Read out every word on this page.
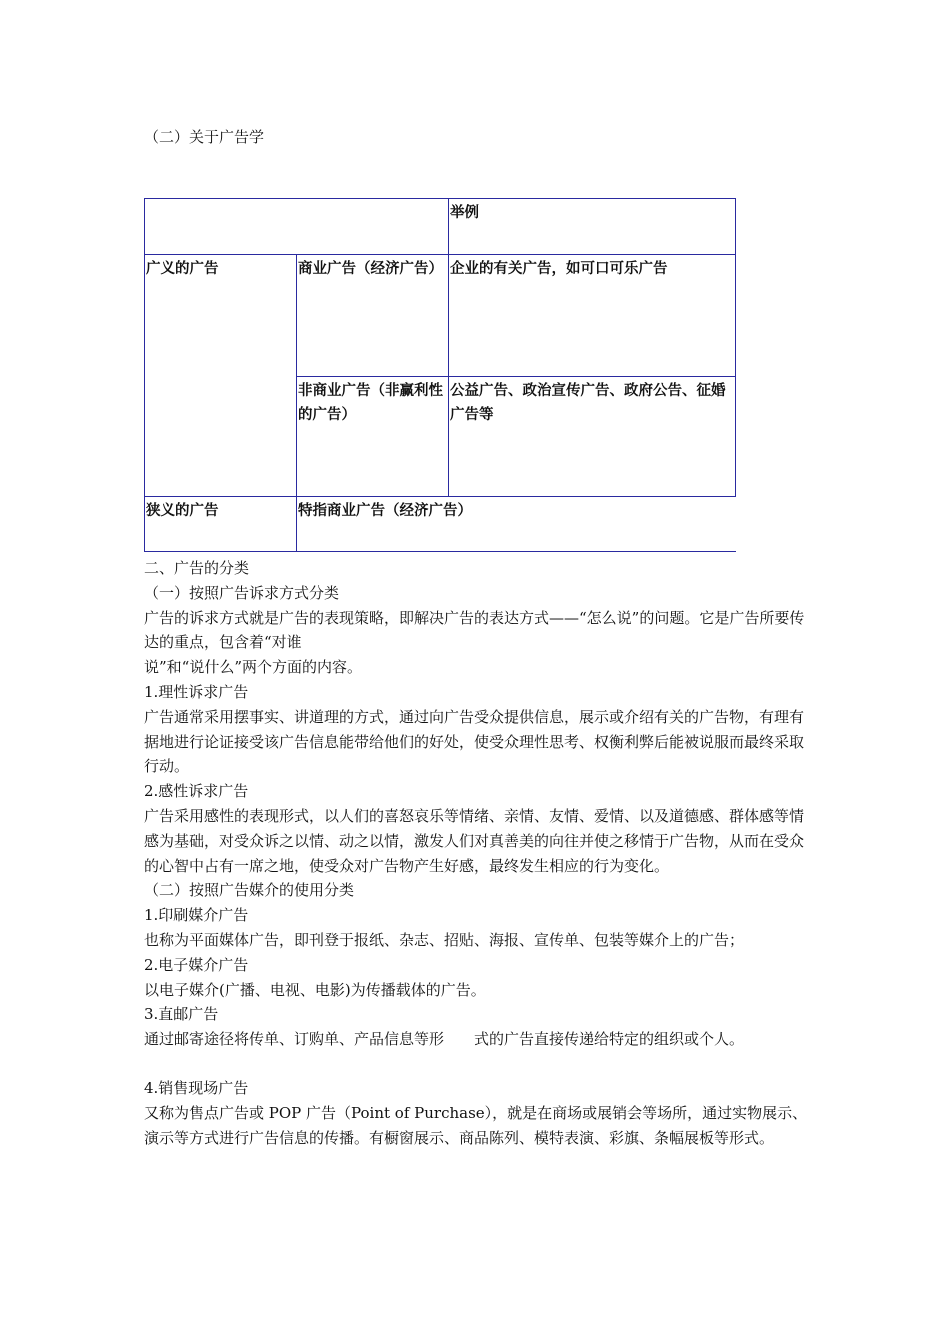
（二）关于广告学
		举例
广义的广告	商业广告（经济广告）	企业的有关广告，如可口可乐广告
	非商业广告（非赢利性的广告）	公益广告、政治宣传广告、政府公告、征婚广告等
狭义的广告	特指商业广告（经济广告）	

二、广告的分类

（一）按照广告诉求方式分类

广告的诉求方式就是广告的表现策略，即解决广告的表达方式——“怎么说”的问题。它是广告所要传达的重点，包含着“对谁

说”和“说什么”两个方面的内容。

1.理性诉求广告

广告通常采用摆事实、讲道理的方式，通过向广告受众提供信息，展示或介绍有关的广告物，有理有据地进行论证接受该广告信息能带给他们的好处，使受众理性思考、权衡利弊后能被说服而最终采取行动。

2.感性诉求广告

广告采用感性的表现形式，以人们的喜怒哀乐等情绪、亲情、友情、爱情、以及道德感、群体感等情感为基础，对受众诉之以情、动之以情，激发人们对真善美的向往并使之移情于广告物，从而在受众的心智中占有一席之地，使受众对广告物产生好感，最终发生相应的行为变化。

（二）按照广告媒介的使用分类

1.印刷媒介广告

也称为平面媒体广告，即刊登于报纸、杂志、招贴、海报、宣传单、包装等媒介上的广告；

2.电子媒介广告

以电子媒介(广播、电视、电影)为传播载体的广告。

3.直邮广告

通过邮寄途径将传单、订购单、产品信息等形　　式的广告直接传递给特定的组织或个人。

4.销售现场广告

又称为售点广告或 POP 广告（Point of Purchase），就是在商场或展销会等场所，通过实物展示、演示等方式进行广告信息的传播。有橱窗展示、商品陈列、模特表演、彩旗、条幅展板等形式。
